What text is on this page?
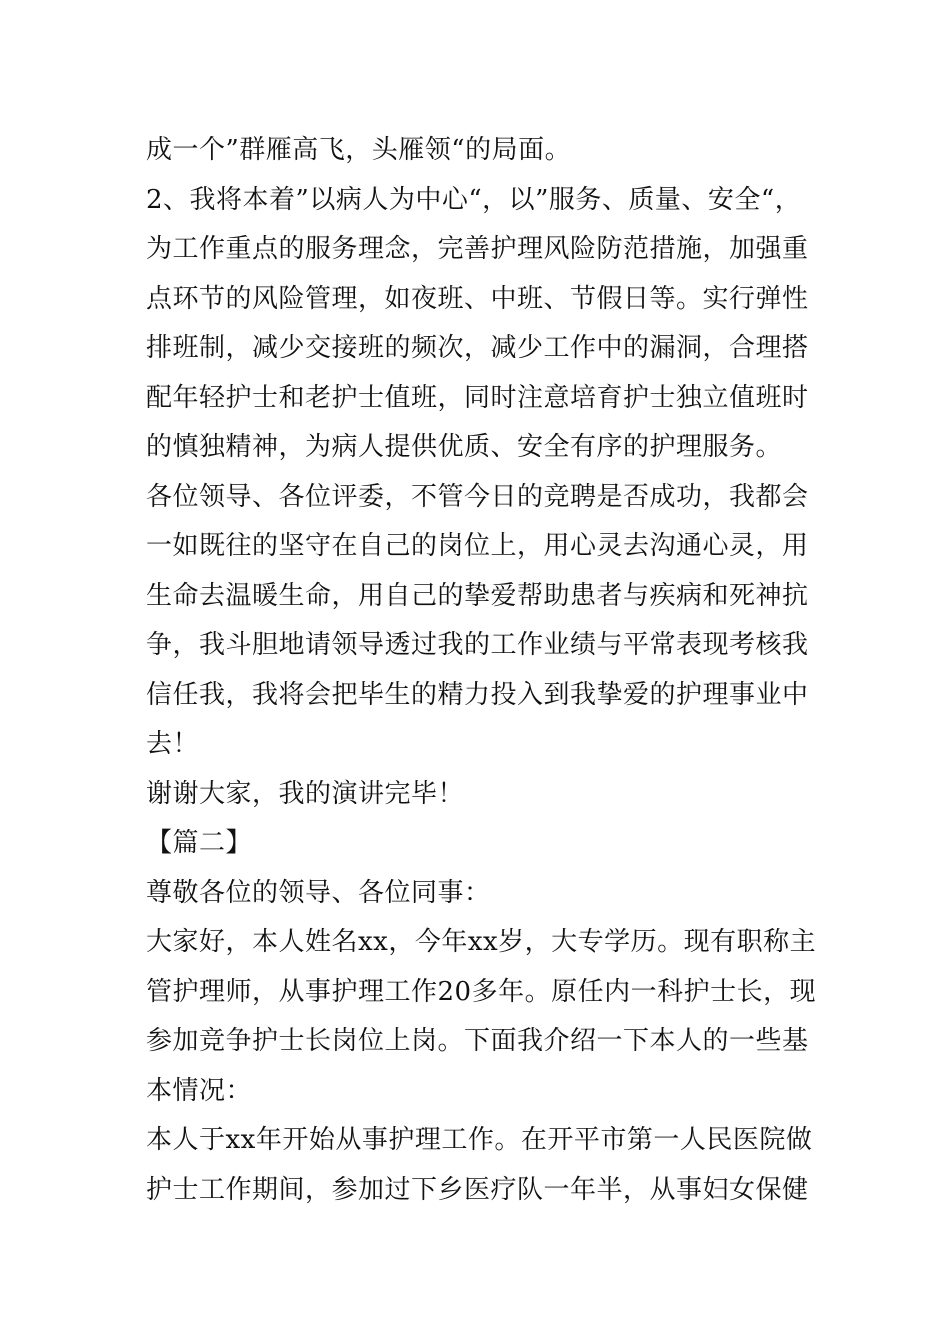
成一个”群雁高飞，头雁领“的局面。
2、我将本着”以病人为中心“，以”服务、质量、安全“，
为工作重点的服务理念，完善护理风险防范措施，加强重
点环节的风险管理，如夜班、中班、节假日等。实行弹性
排班制，减少交接班的频次，减少工作中的漏洞，合理搭
配年轻护士和老护士值班，同时注意培育护士独立值班时
的慎独精神，为病人提供优质、安全有序的护理服务。
各位领导、各位评委，不管今日的竞聘是否成功，我都会
一如既往的坚守在自己的岗位上，用心灵去沟通心灵，用
生命去温暖生命，用自己的挚爱帮助患者与疾病和死神抗
争，我斗胆地请领导透过我的工作业绩与平常表现考核我
信任我，我将会把毕生的精力投入到我挚爱的护理事业中
去！
谢谢大家，我的演讲完毕！
【篇二】
尊敬各位的领导、各位同事：
大家好，本人姓名xx，今年xx岁，大专学历。现有职称主
管护理师，从事护理工作20多年。原任内一科护士长，现
参加竞争护士长岗位上岗。下面我介绍一下本人的一些基
本情况：
本人于xx年开始从事护理工作。在开平市第一人民医院做
护士工作期间，参加过下乡医疗队一年半，从事妇女保健
